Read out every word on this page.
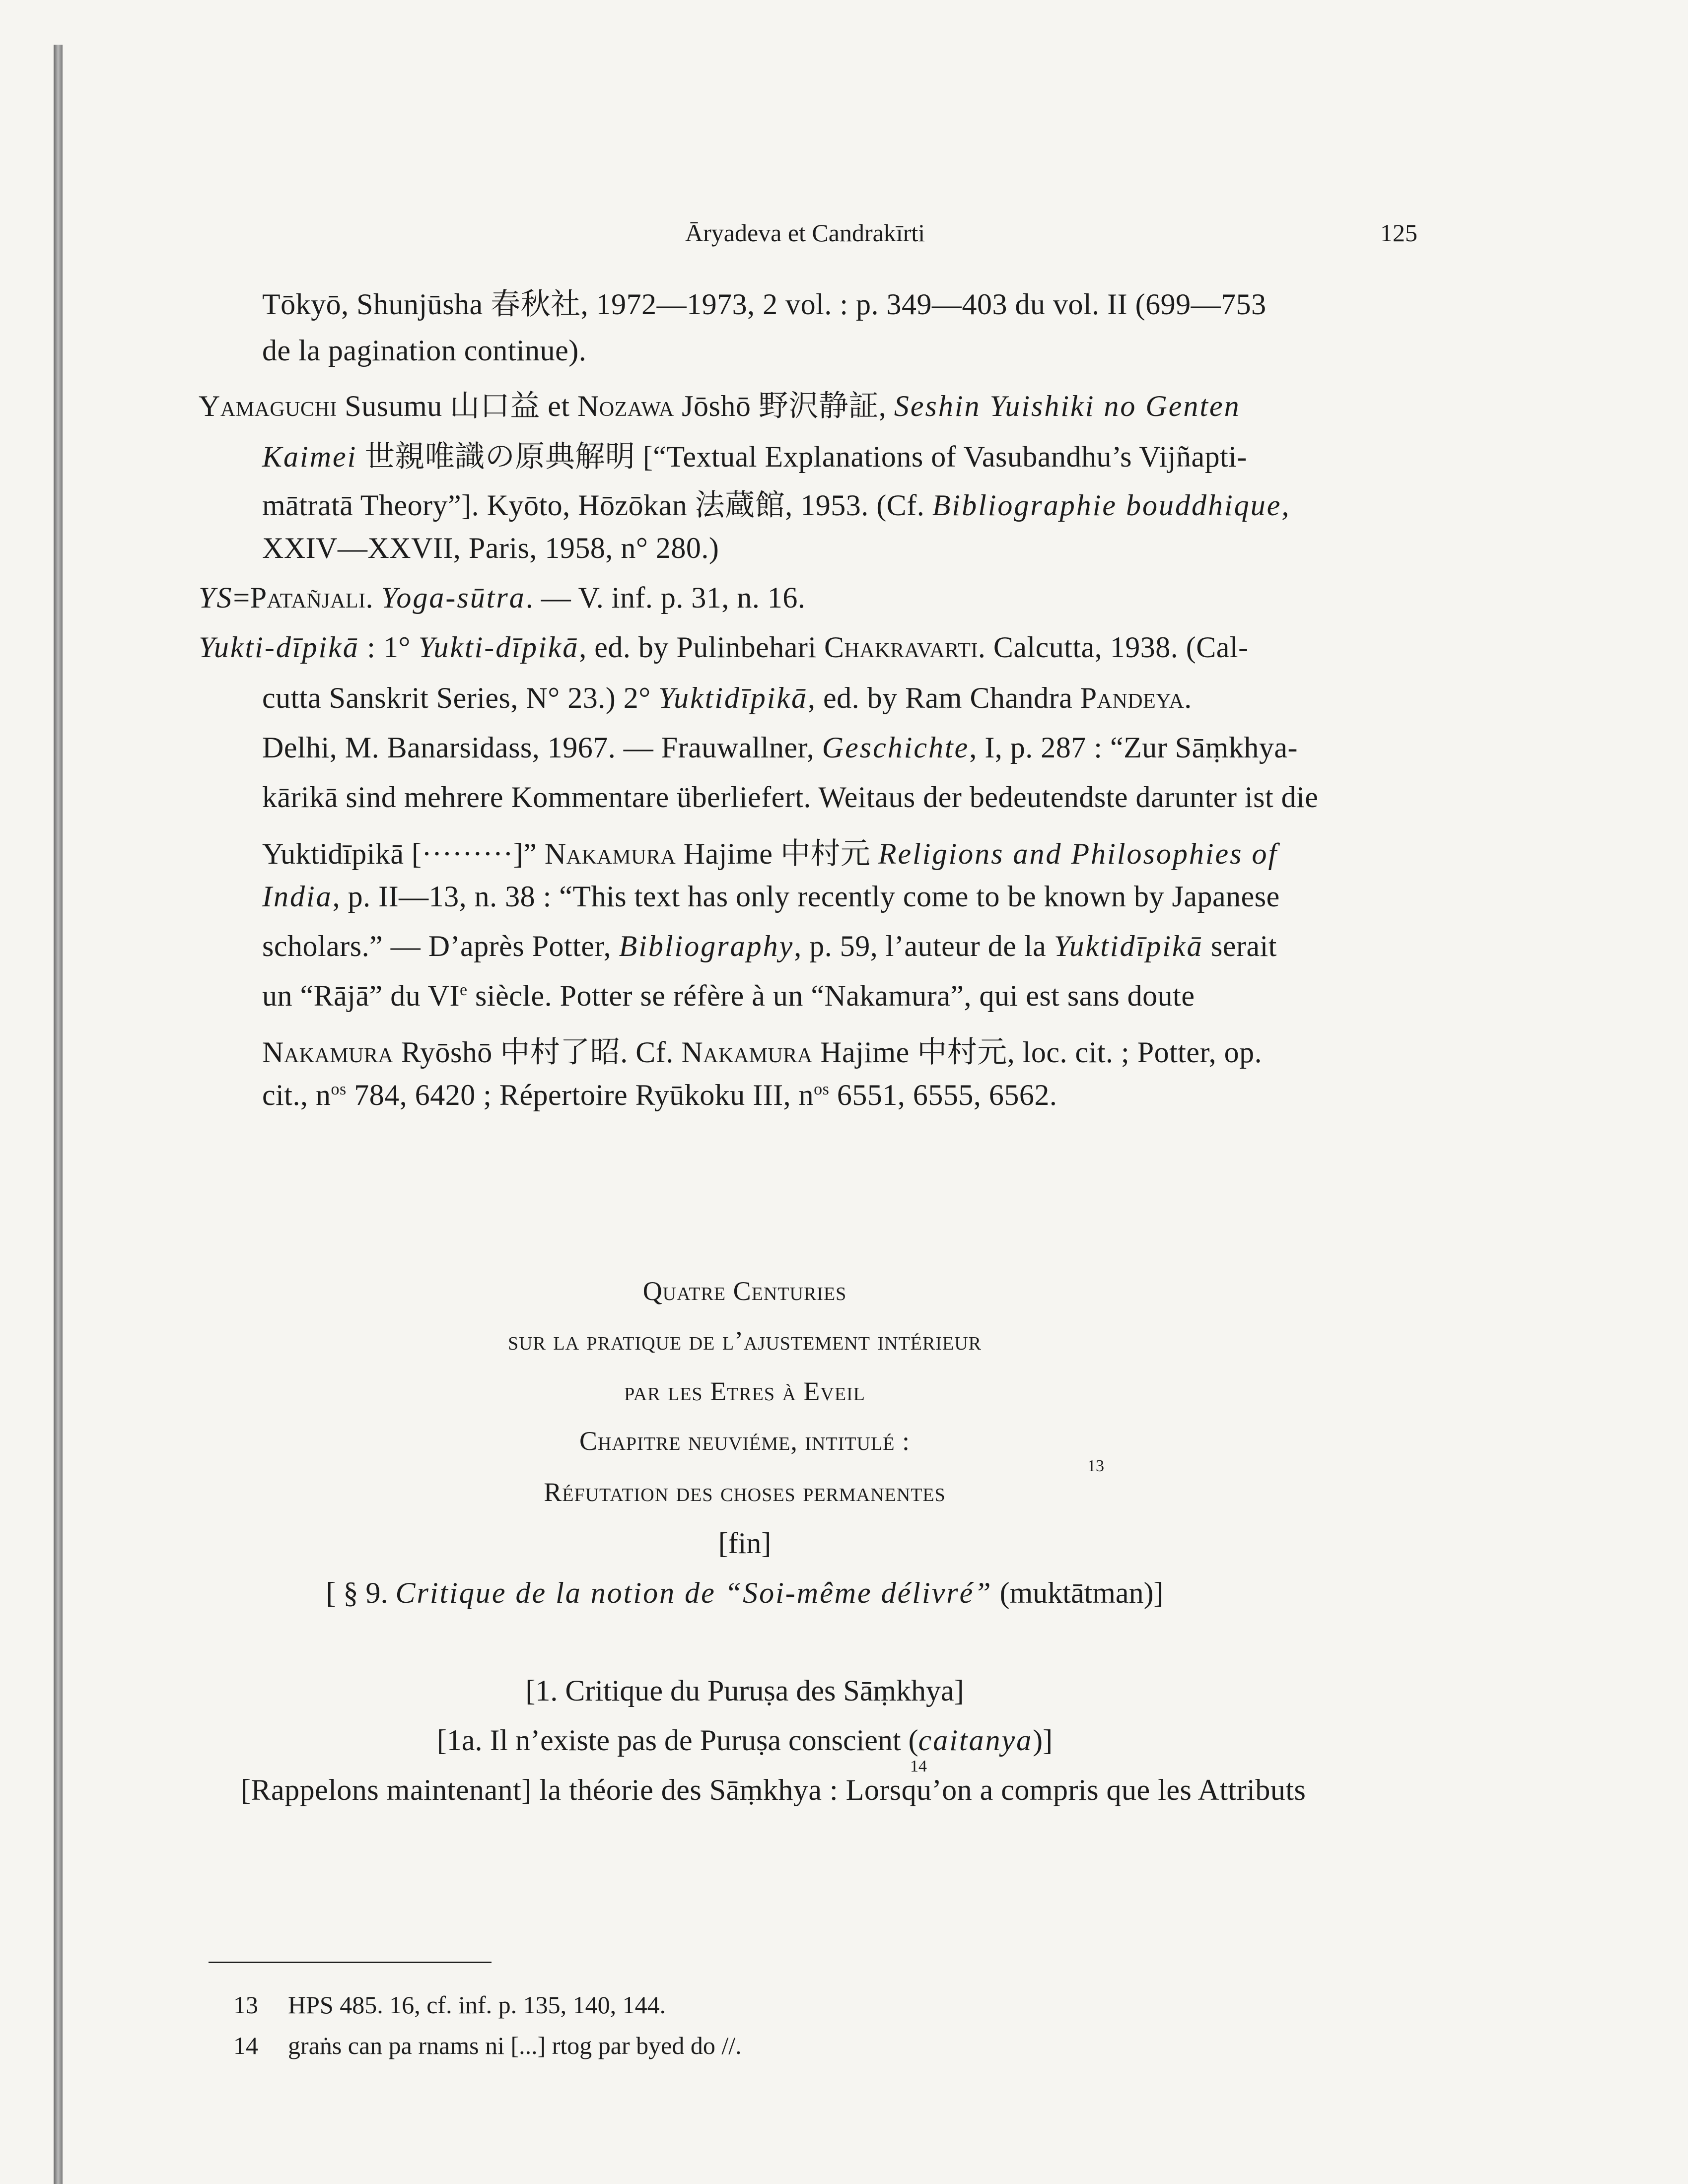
Āryadeva et Candrakīrti	125
Tōkyō, Shunjūsha 春秋社, 1972—1973, 2 vol. : p. 349—403 du vol. II (699—753
de la pagination continue).
Yamaguchi Susumu 山口益 et Nozawa Jōshō 野沢静証, Seshin Yuishiki no Genten
Kaimei 世親唯識の原典解明 [“Textual Explanations of Vasubandhu’s Vijñapti-
mātratā Theory”]. Kyōto, Hōzōkan 法蔵館, 1953. (Cf. Bibliographie bouddhique,
XXIV—XXVII, Paris, 1958, n° 280.)
YS=Patañjali. Yoga-sūtra. — V. inf. p. 31, n. 16.
Yukti-dīpikā : 1° Yukti-dīpikā, ed. by Pulinbehari Chakravarti. Calcutta, 1938. (Cal-
cutta Sanskrit Series, N° 23.) 2° Yuktidīpikā, ed. by Ram Chandra Pandeya.
Delhi, M. Banarsidass, 1967. — Frauwallner, Geschichte, I, p. 287 : “Zur Sāṃkhya-
kārikā sind mehrere Kommentare überliefert. Weitaus der bedeutendste darunter ist die
Yuktidīpikā [·········]” Nakamura Hajime 中村元 Religions and Philosophies of
India, p. II—13, n. 38 : “This text has only recently come to be known by Japanese
scholars.” — D’après Potter, Bibliography, p. 59, l’auteur de la Yuktidīpikā serait
un “Rājā” du VIe siècle. Potter se réfère à un “Nakamura”, qui est sans doute
Nakamura Ryōshō 中村了昭. Cf. Nakamura Hajime 中村元, loc. cit. ; Potter, op.
cit., $n^{os}$ 784, 6420 ; Répertoire Ryūkoku III, $n^{os}$ 6551, 6555, 6562.
Quatre Centuries
sur la pratique de l’ajustement intérieur
par les Etres à Eveil
Chapitre neuviéme, intitulé :
13
Réfutation des choses permanentes
[fin]
[ § 9. Critique de la notion de “Soi-même délivré” (muktātman)]
[1. Critique du Puruṣa des Sāṃkhya]
[1a. Il n’existe pas de Puruṣa conscient (caitanya)]
14
[Rappelons maintenant] la théorie des Sāṃkhya : Lorsqu’on a compris que les Attributs
13 HPS 485. 16, cf. inf. p. 135, 140, 144.
14 graṅs can pa rnams ni [...] rtog par byed do //.
